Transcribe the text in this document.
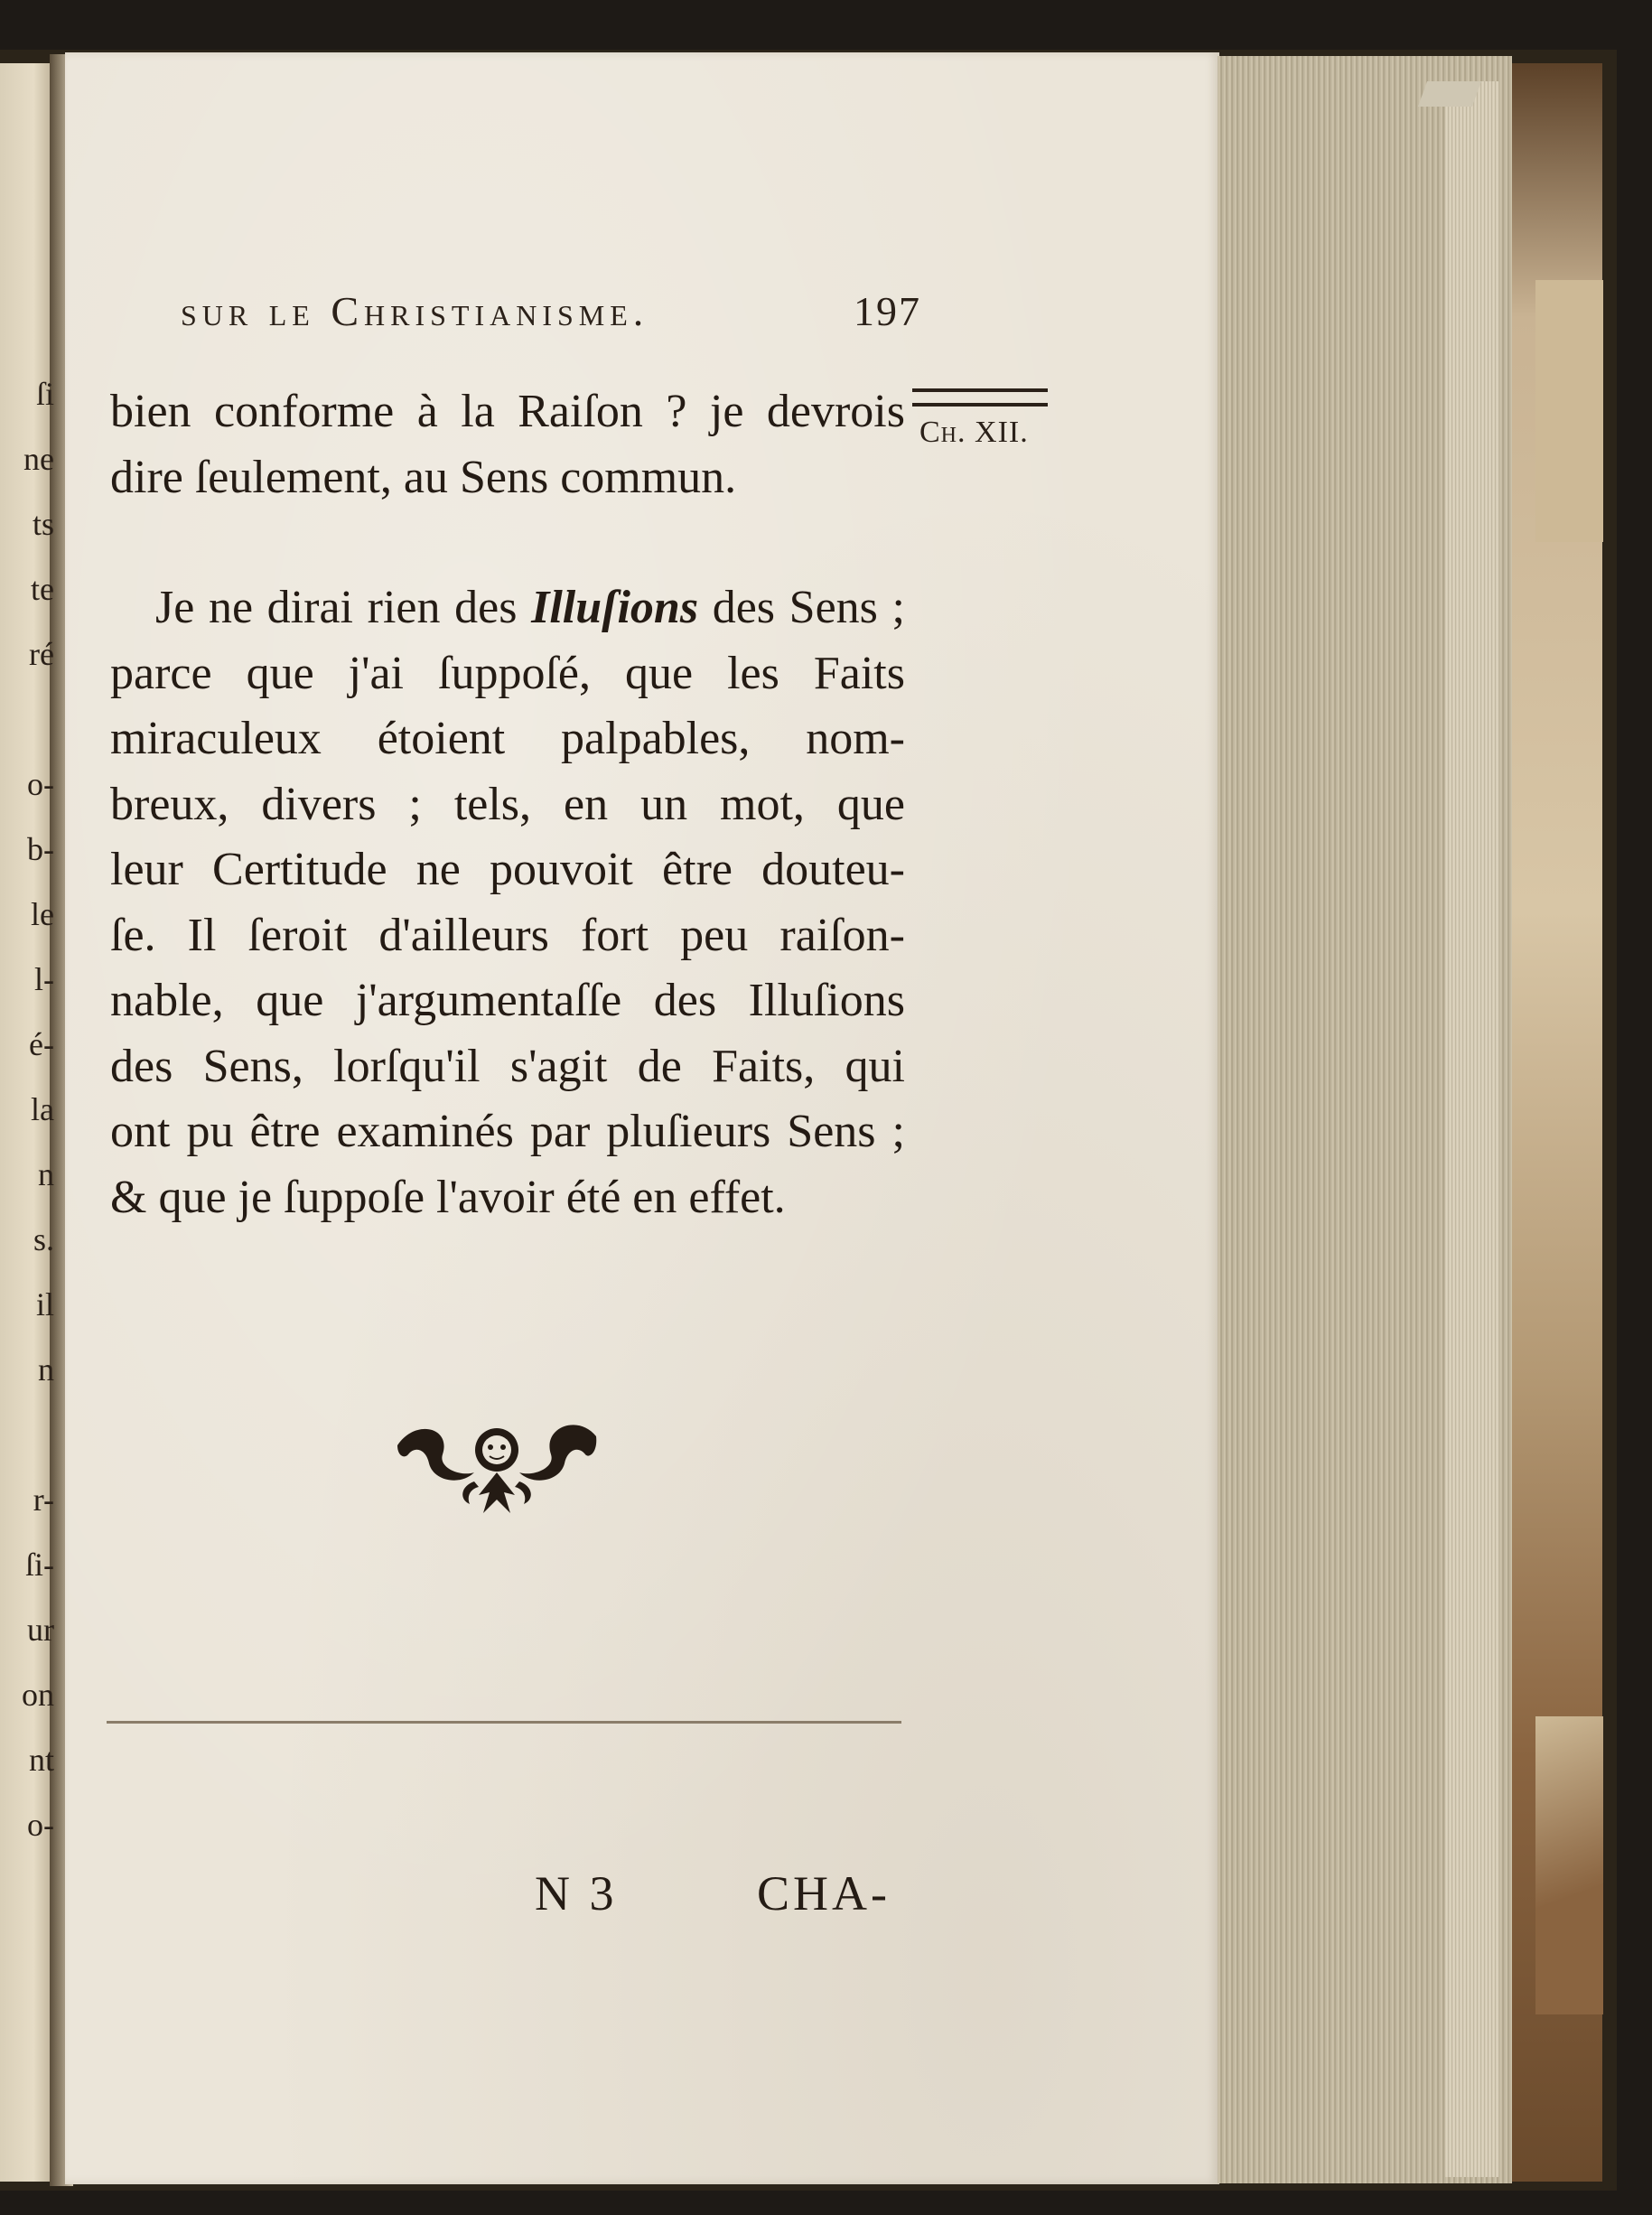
ſi
ne
ts
te
ré

o-
b-
le
l-
é-
la
n
s.
il
n

r-
ſi-
ur
on
nt
o-
sur le Christianisme.	197
Ch. XII.
bien conforme à la Raiſon ? je devrois
dire ſeulement, au Sens commun.
Je ne dirai rien des Illuſions des Sens ;
parce que j'ai ſuppoſé, que les Faits
miraculeux étoient palpables, nom-
breux, divers ; tels, en un mot, que
leur Certitude ne pouvoit être douteu-
ſe. Il ſeroit d'ailleurs fort peu raiſon-
nable, que j'argumentaſſe des Illuſions
des Sens, lorſqu'il s'agit de Faits, qui
ont pu être examinés par pluſieurs Sens ;
& que je ſuppoſe l'avoir été en effet.
N 3	CHA-
